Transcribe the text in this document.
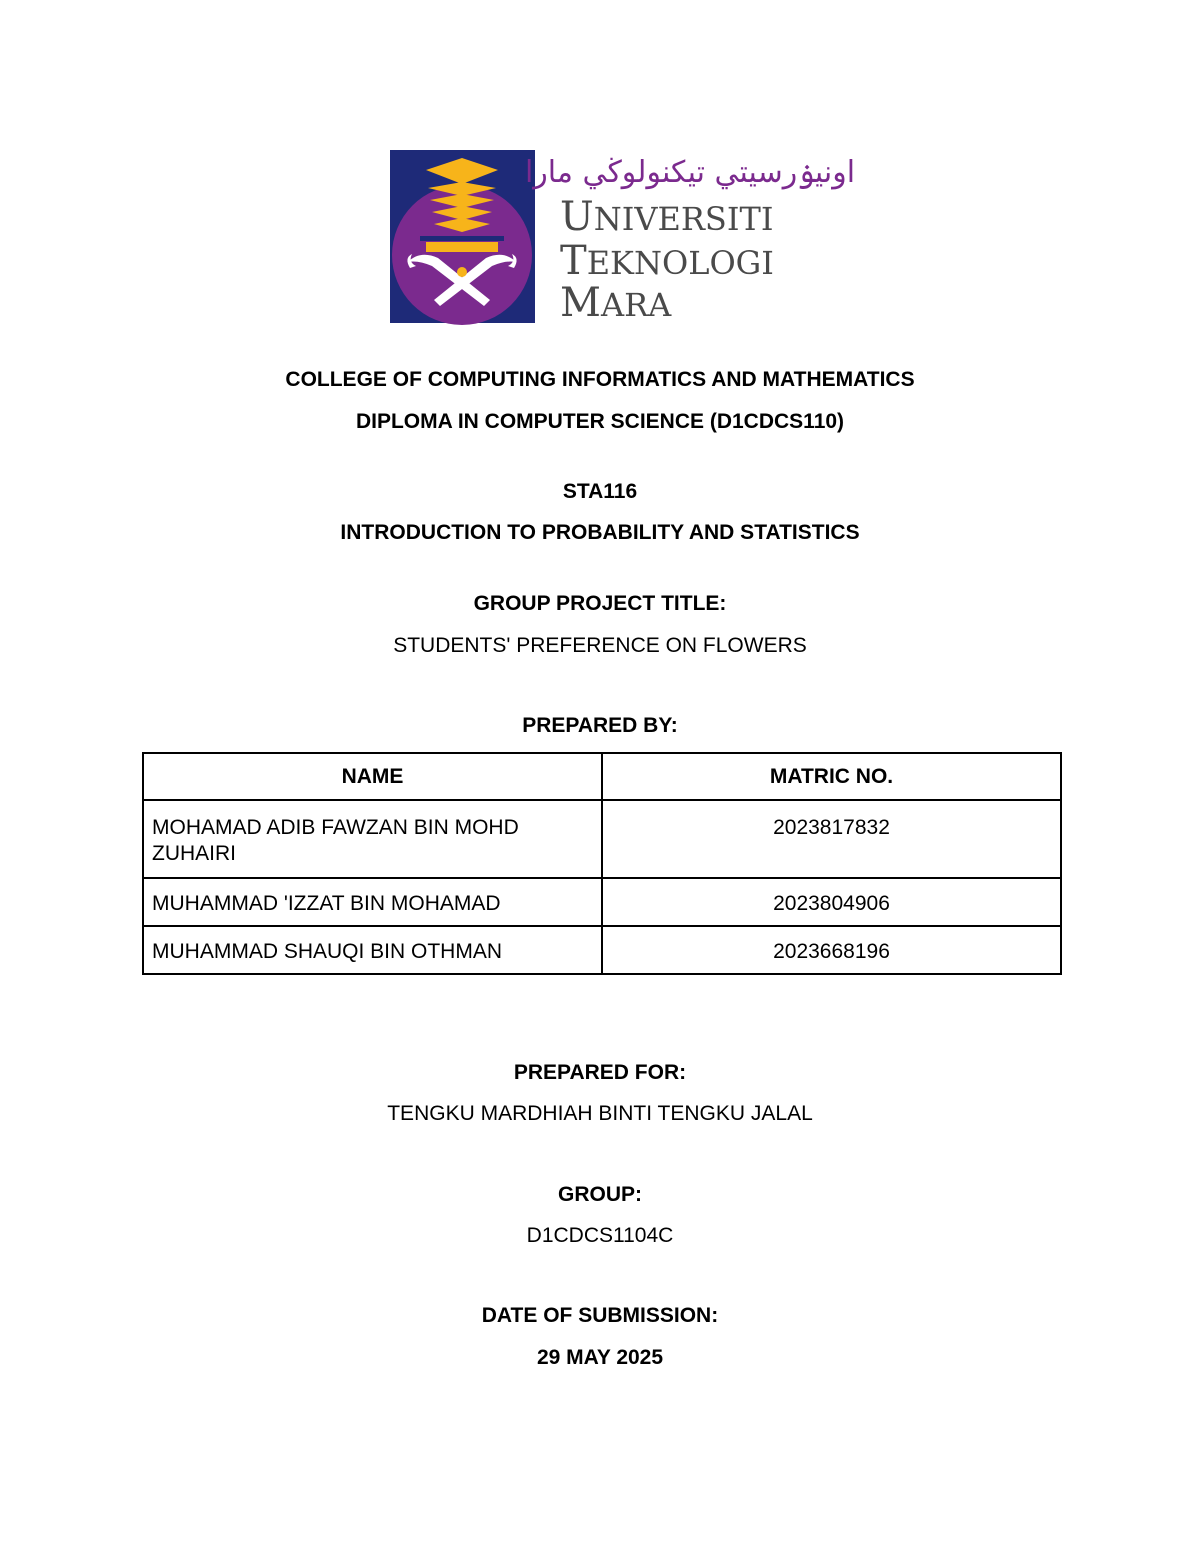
اونيۏرسيتي تيکنولوڬي مارا
UNIVERSITI
TEKNOLOGI
MARA
COLLEGE OF COMPUTING INFORMATICS AND MATHEMATICS
DIPLOMA IN COMPUTER SCIENCE (D1CDCS110)
STA116
INTRODUCTION TO PROBABILITY AND STATISTICS
GROUP PROJECT TITLE:
STUDENTS' PREFERENCE ON FLOWERS
PREPARED BY:
NAME	MATRIC NO.
MOHAMAD ADIB FAWZAN BIN MOHD ZUHAIRI	2023817832
MUHAMMAD 'IZZAT BIN MOHAMAD	2023804906
MUHAMMAD SHAUQI BIN OTHMAN	2023668196
PREPARED FOR:
TENGKU MARDHIAH BINTI TENGKU JALAL
GROUP:
D1CDCS1104C
DATE OF SUBMISSION:
29 MAY 2025
